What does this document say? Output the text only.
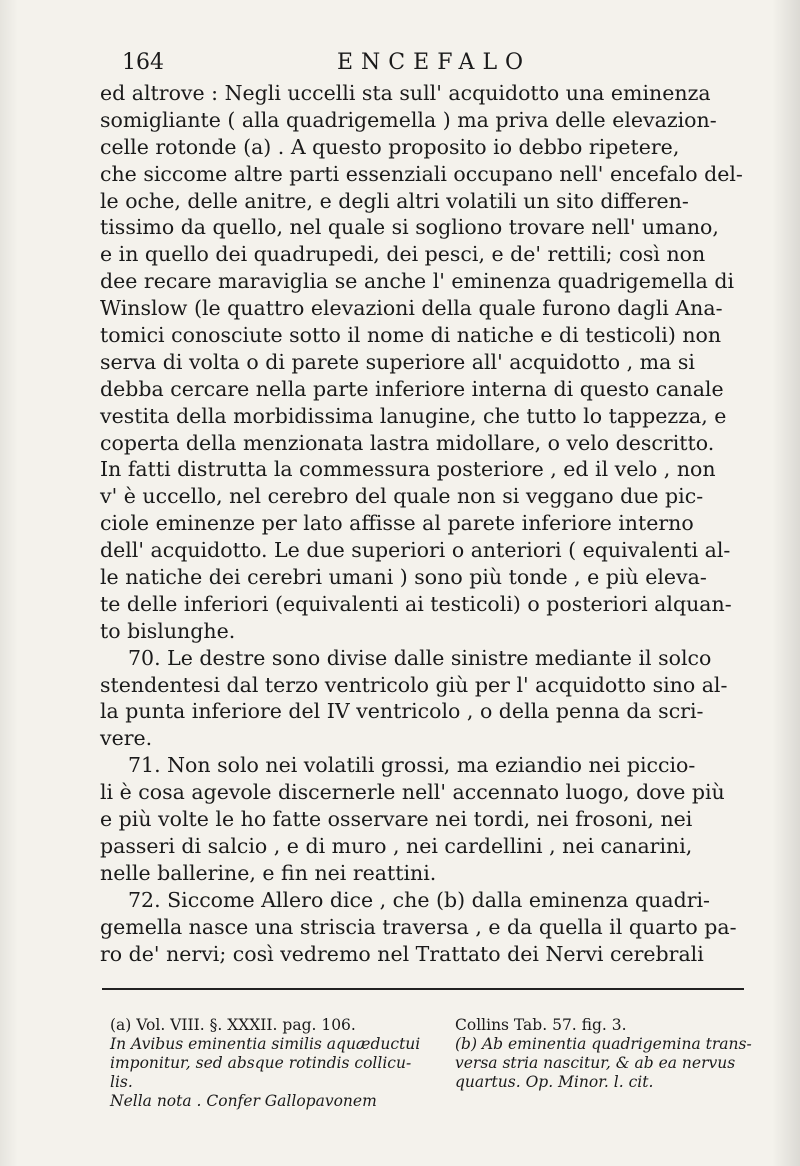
164	ENCEFALO
ed altrove : Negli uccelli sta sull' acquidotto una eminenza
somigliante ( alla quadrigemella ) ma priva delle elevazion-
celle rotonde (a) . A questo proposito io debbo ripetere,
che siccome altre parti essenziali occupano nell' encefalo del-
le oche, delle anitre, e degli altri volatili un sito differen-
tissimo da quello, nel quale si sogliono trovare nell' umano,
e in quello dei quadrupedi, dei pesci, e de' rettili; così non
dee recare maraviglia se anche l' eminenza quadrigemella di
Winslow (le quattro elevazioni della quale furono dagli Ana-
tomici conosciute sotto il nome di natiche e di testicoli) non
serva di volta o di parete superiore all' acquidotto , ma si
debba cercare nella parte inferiore interna di questo canale
vestita della morbidissima lanugine, che tutto lo tappezza, e
coperta della menzionata lastra midollare, o velo descritto.
In fatti distrutta la commessura posteriore , ed il velo , non
v' è uccello, nel cerebro del quale non si veggano due pic-
ciole eminenze per lato affisse al parete inferiore interno
dell' acquidotto. Le due superiori o anteriori ( equivalenti al-
le natiche dei cerebri umani ) sono più tonde , e più eleva-
te delle inferiori (equivalenti ai testicoli) o posteriori alquan-
to bislunghe.
70. Le destre sono divise dalle sinistre mediante il solco
stendentesi dal terzo ventricolo giù per l' acquidotto sino al-
la punta inferiore del IV ventricolo , o della penna da scri-
vere.
71. Non solo nei volatili grossi, ma eziandio nei piccio-
li è cosa agevole discernerle nell' accennato luogo, dove più
e più volte le ho fatte osservare nei tordi, nei frosoni, nei
passeri di salcio , e di muro , nei cardellini , nei canarini,
nelle ballerine, e fin nei reattini.
72. Siccome Allero dice , che (b) dalla eminenza quadri-
gemella nasce una striscia traversa , e da quella il quarto pa-
ro de' nervi; così vedremo nel Trattato dei Nervi cerebrali
(a) Vol. VIII. §. XXXII. pag. 106.
In Avibus eminentia similis aquæductui
imponitur, sed absque rotindis collicu-
lis.
Nella nota . Confer Gallopavonem
Collins Tab. 57. fig. 3.
(b) Ab eminentia quadrigemina trans-
versa stria nascitur, & ab ea nervus
quartus. Op. Minor. l. cit.
